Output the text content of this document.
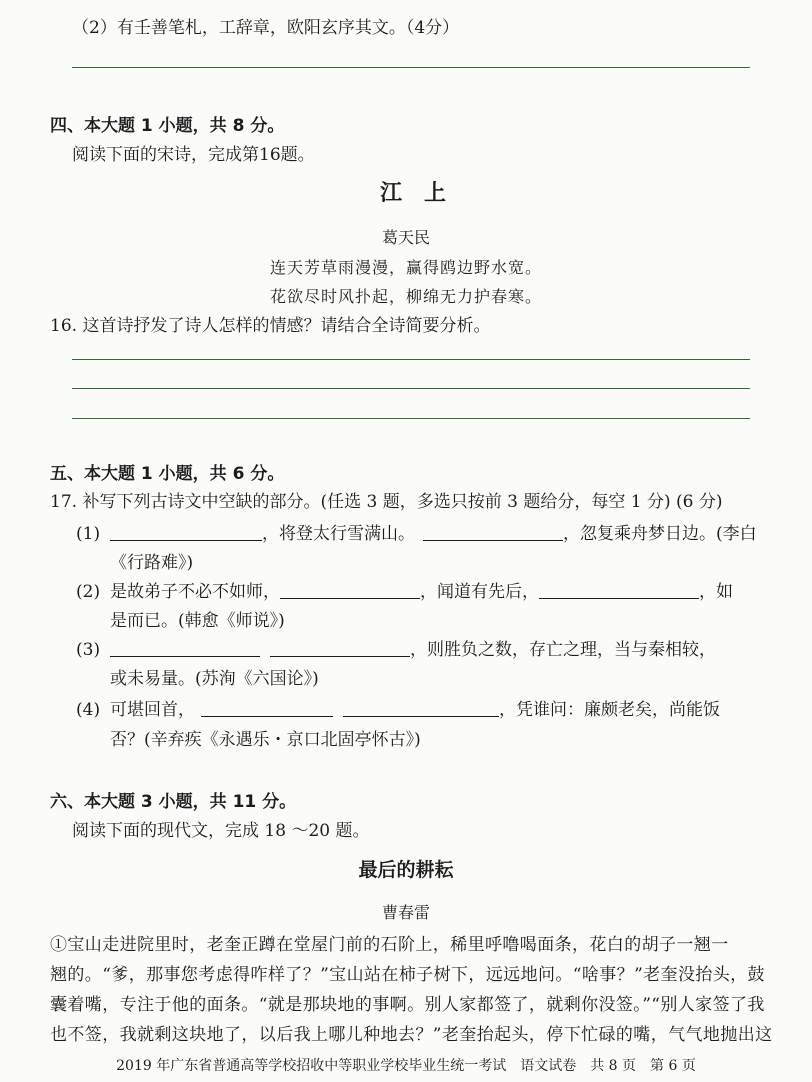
（2）有壬善笔札，工辞章，欧阳玄序其文。（4分）
四、本大题 1 小题，共 8 分。
阅读下面的宋诗，完成第16题。
江上
葛天民
连天芳草雨漫漫，赢得鸥边野水宽。
花欲尽时风扑起，柳绵无力护春寒。
16. 这首诗抒发了诗人怎样的情感？请结合全诗简要分析。
五、本大题 1 小题，共 6 分。
17. 补写下列古诗文中空缺的部分。(任选 3 题，多选只按前 3 题给分，每空 1 分) (6 分)
(1)	，将登太行雪满山。	，忽复乘舟梦日边。(李白
《行路难》)
(2) 是故弟子不必不如师，	，闻道有先后，	，如
是而已。(韩愈《师说》)
(3)	，则胜负之数，存亡之理，当与秦相较，
或未易量。(苏洵《六国论》)
(4) 可堪回首，	，凭谁问：廉颇老矣，尚能饭
否？(辛弃疾《永遇乐・京口北固亭怀古》)
六、本大题 3 小题，共 11 分。
阅读下面的现代文，完成 18 ～20 题。
最后的耕耘
曹春雷
①宝山走进院里时，老奎正蹲在堂屋门前的石阶上，稀里呼噜喝面条，花白的胡子一翘一
翘的。“爹，那事您考虑得咋样了？”宝山站在柿子树下，远远地问。“啥事？”老奎没抬头，鼓
囊着嘴，专注于他的面条。“就是那块地的事啊。别人家都签了，就剩你没签。”“别人家签了我
也不签，我就剩这块地了，以后我上哪儿种地去？”老奎抬起头，停下忙碌的嘴，气气地抛出这
2019 年广东省普通高等学校招收中等职业学校毕业生统一考试　语文试卷　共 8 页　第 6 页
